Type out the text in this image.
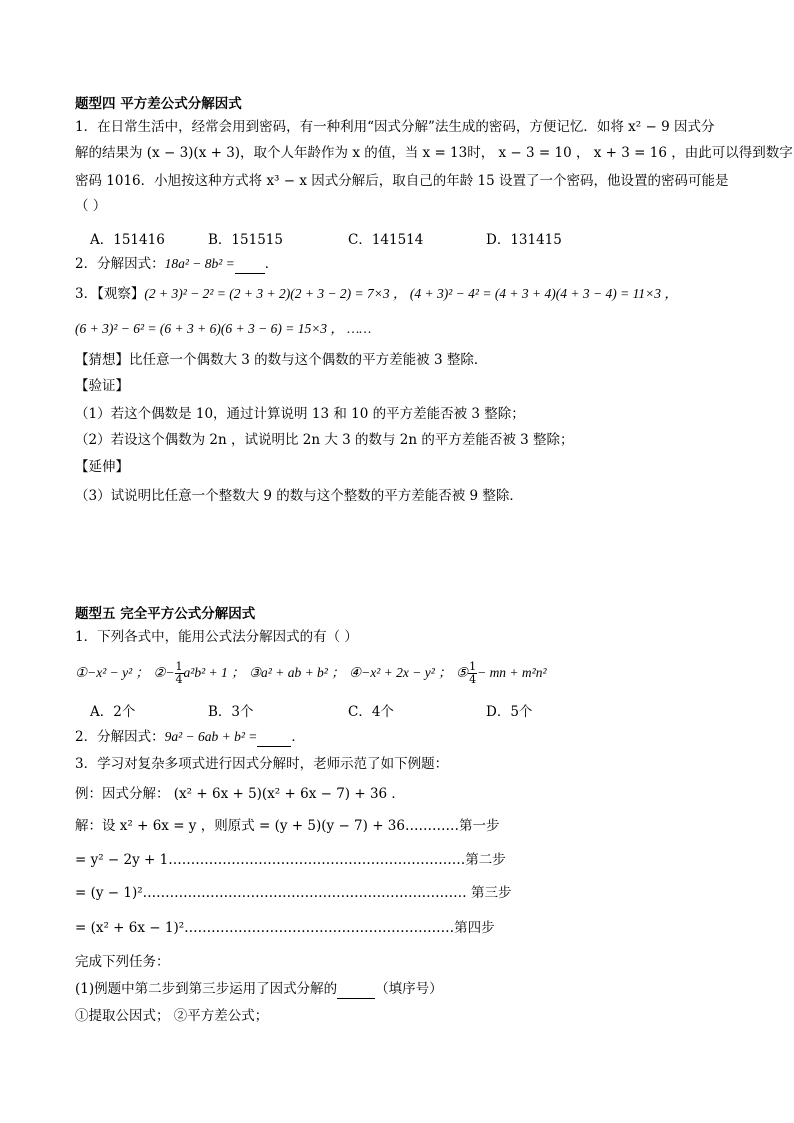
题型四 平方差公式分解因式
1．在日常生活中，经常会用到密码，有一种利用“因式分解”法生成的密码，方便记忆．如将 x² − 9 因式分
解的结果为 (x − 3)(x + 3)，取个人年龄作为 x 的值，当 x = 13时， x − 3 = 10 ， x + 3 = 16 ，由此可以得到数字
密码 1016．小旭按这种方式将 x³ − x 因式分解后，取自己的年龄 15 设置了一个密码，他设置的密码可能是
（ ）
A．151416	B．151515	C．141514	D．131415
2．分解因式：18a² − 8b² = ．
3．【观察】(2 + 3)² − 2² = (2 + 3 + 2)(2 + 3 − 2) = 7×3 ， (4 + 3)² − 4² = (4 + 3 + 4)(4 + 3 − 4) = 11×3 ，
(6 + 3)² − 6² = (6 + 3 + 6)(6 + 3 − 6) = 15×3 ， ……
【猜想】比任意一个偶数大 3 的数与这个偶数的平方差能被 3 整除．
【验证】
（1）若这个偶数是 10，通过计算说明 13 和 10 的平方差能否被 3 整除；
（2）若设这个偶数为 2n ，试说明比 2n 大 3 的数与 2n 的平方差能否被 3 整除；
【延伸】
（3）试说明比任意一个整数大 9 的数与这个整数的平方差能否被 9 整除．
题型五 完全平方公式分解因式
1．下列各式中，能用公式法分解因式的有（ ）
①−x² − y² ； ②− $\frac{1}{4} a^2b^2 + 1$ ； ③a² + ab + b² ； ④−x² + 2x − y² ； ⑤ $\frac{1}{4}$ − mn + m²n²
A．2个	B．3个	C．4个	D．5个
2．分解因式：9a² − 6ab + b² =	．
3．学习对复杂多项式进行因式分解时，老师示范了如下例题：
例：因式分解： (x² + 6x + 5)(x² + 6x − 7) + 36 ．
解：设 x² + 6x = y ，则原式 = (y + 5)(y − 7) + 36…………第一步
= y² − 2y + 1…………………………………………………………第二步
= (y − 1)²……………………………………………………………… 第三步
= (x² + 6x − 1)²……………………………………………………第四步
完成下列任务：
(1)例题中第二步到第三步运用了因式分解的	（填序号）
①提取公因式； ②平方差公式；
